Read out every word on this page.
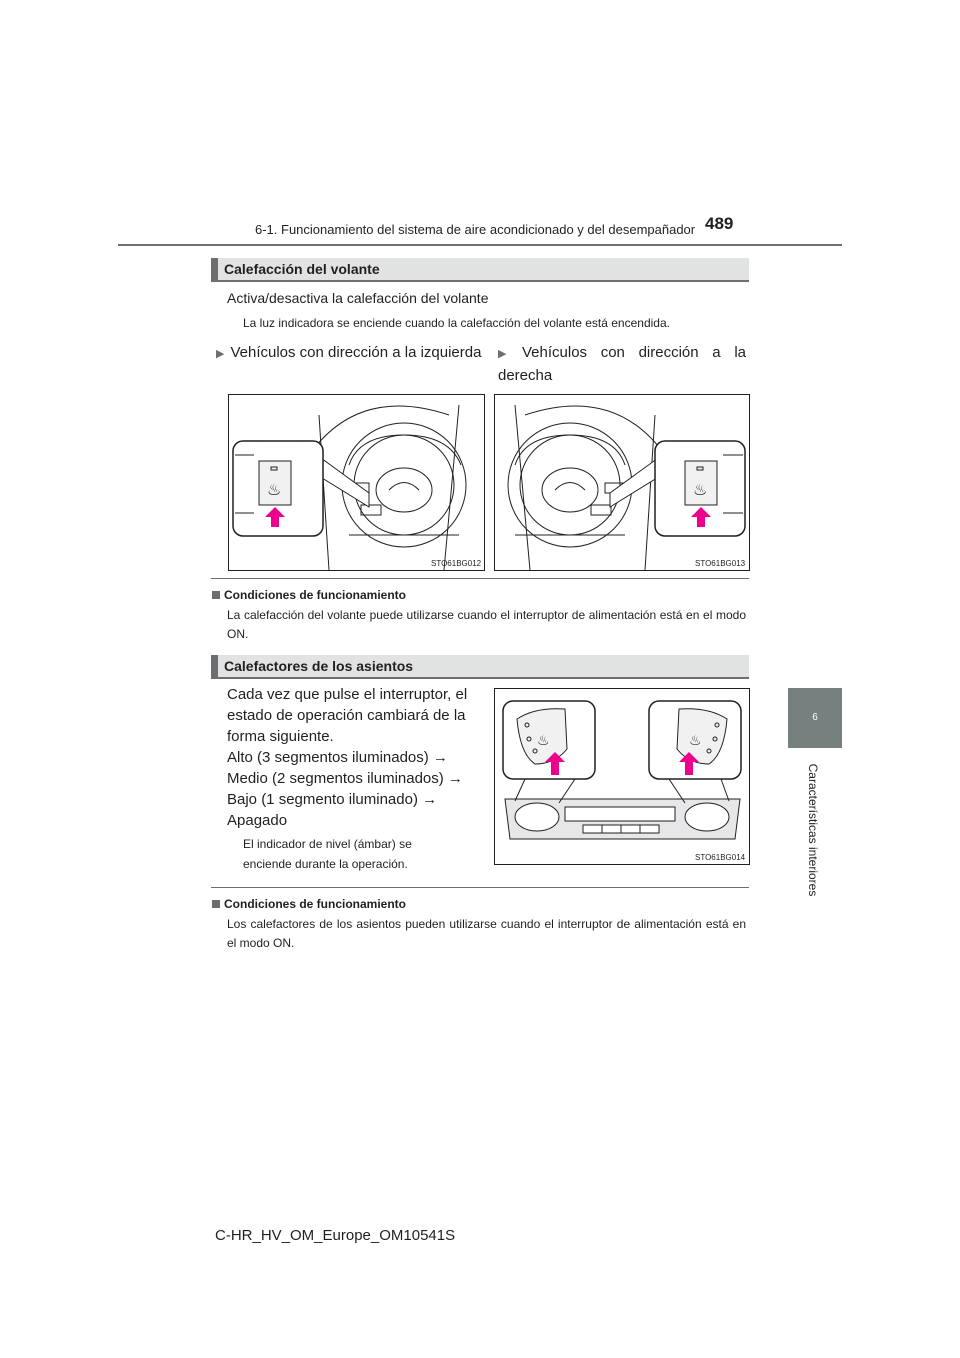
6-1. Funcionamiento del sistema de aire acondicionado y del desempañador 489
6
Características interiores
Calefacción del volante
Activa/desactiva la calefacción del volante
La luz indicadora se enciende cuando la calefacción del volante está encendida.
▶ Vehículos con dirección a la izquierda ▶ Vehículos con dirección a la derecha
♨
STO61BG012
♨
STO61BG013
Condiciones de funcionamiento
La calefacción del volante puede utilizarse cuando el interruptor de alimentación está en el modo ON.
Calefactores de los asientos
Cada vez que pulse el interruptor, el
estado de operación cambiará de la
forma siguiente.
Alto (3 segmentos iluminados) →
Medio (2 segmentos iluminados) →
Bajo (1 segmento iluminado) →
Apagado
El indicador de nivel (ámbar) se
enciende durante la operación.
♨	♨
STO61BG014
Condiciones de funcionamiento
Los calefactores de los asientos pueden utilizarse cuando el interruptor de alimentación está en el modo ON.
C-HR_HV_OM_Europe_OM10541S
